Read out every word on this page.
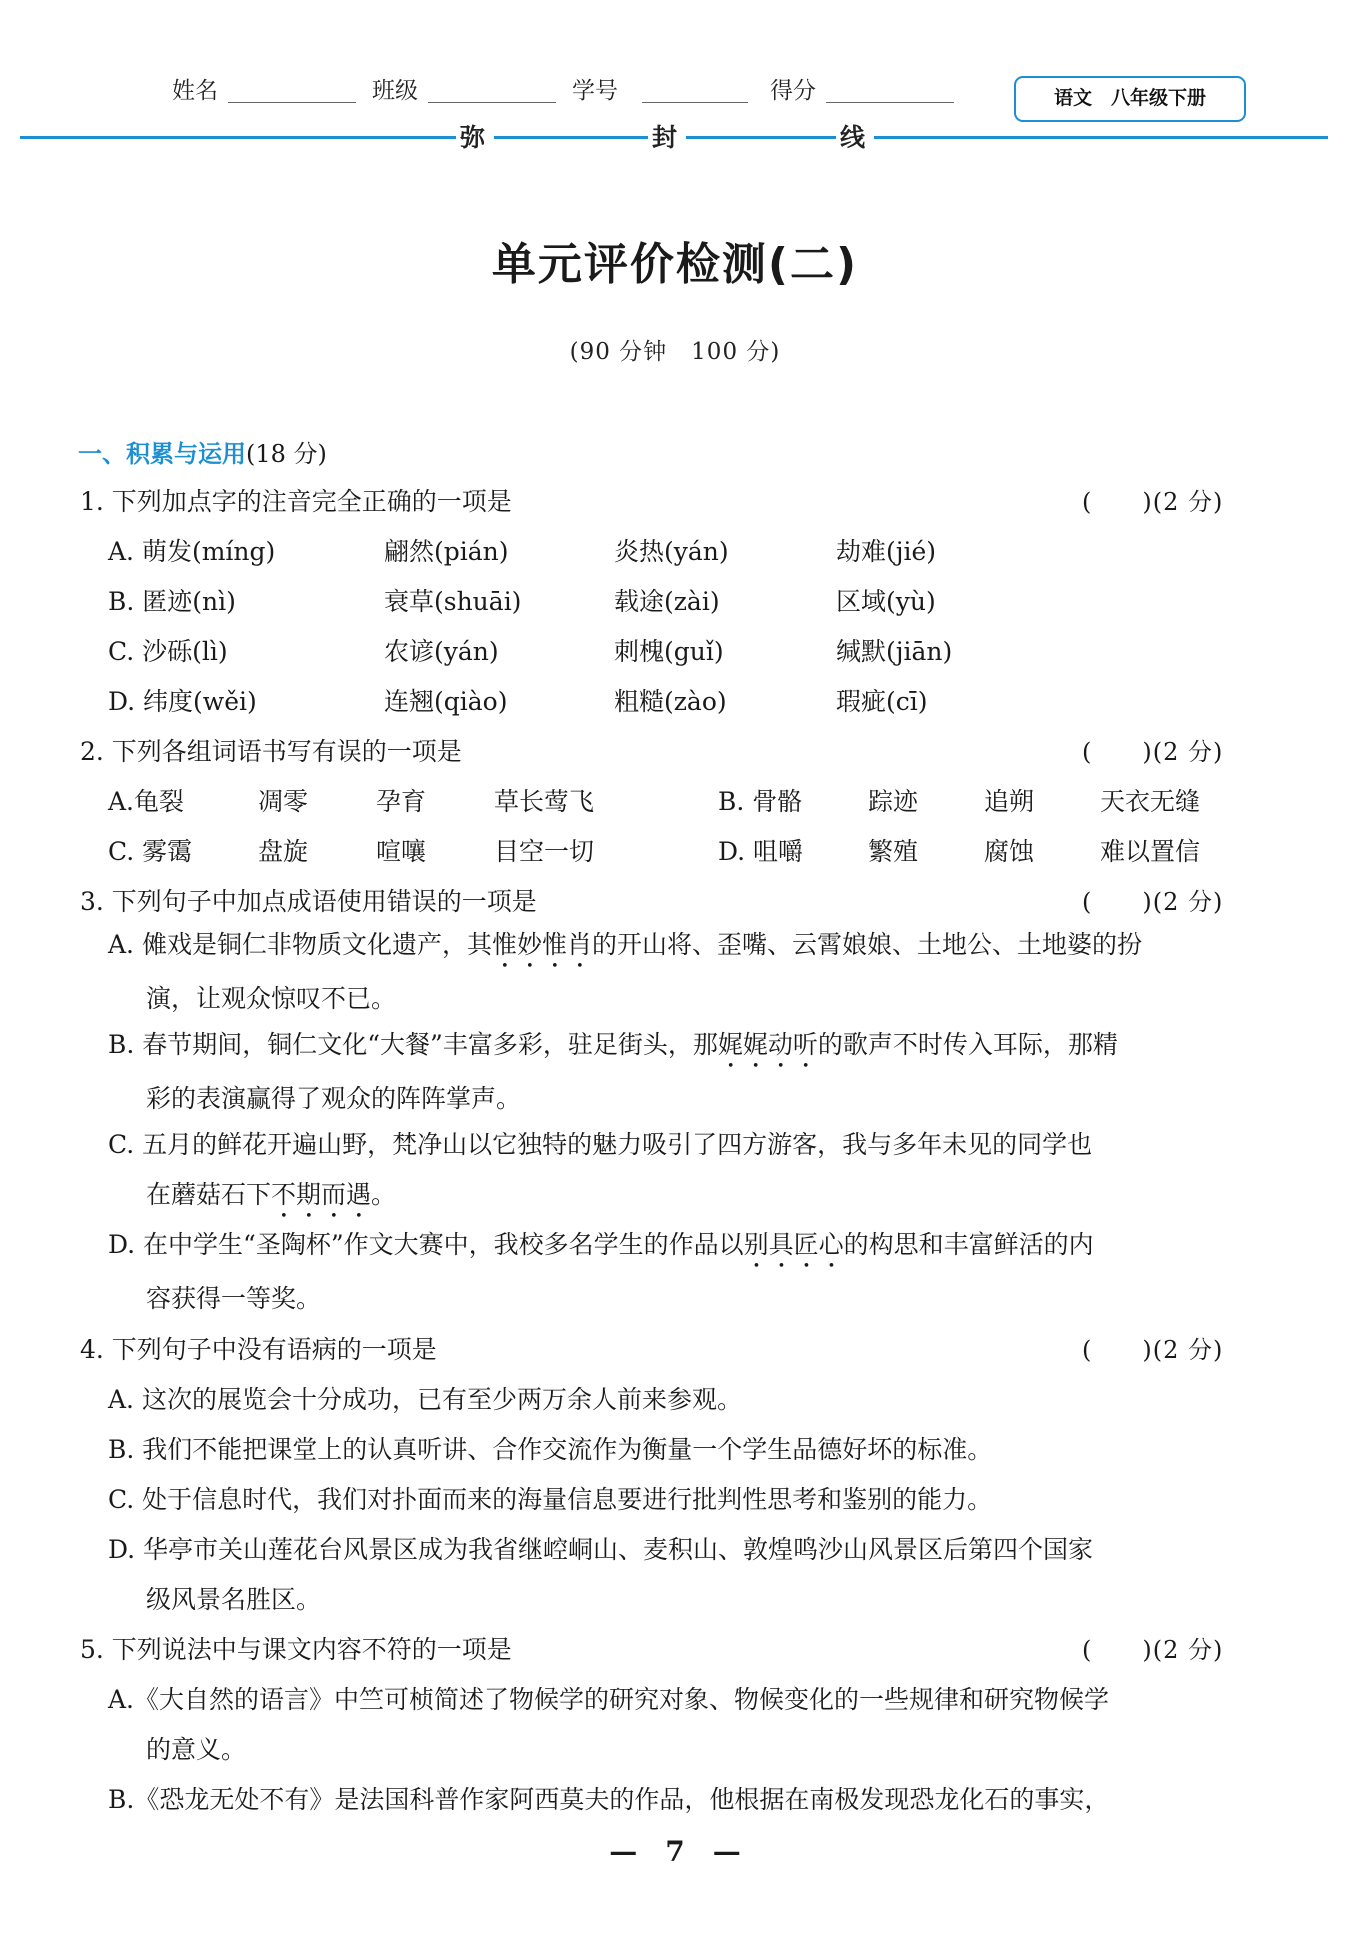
姓名	班级	学号	得分	语文　八年级下册
弥	封	线
单元评价检测(二)
(90 分钟　100 分)
一、积累与运用(18 分)
1. 下列加点字的注音完全正确的一项是	(　　)(2 分)
A. 萌发(míng)	翩然(pián)	炎热(yán)	劫难(jié)
B. 匿迹(nì)	衰草(shuāi)	载途(zài)	区域(yù)
C. 沙砾(lì)	农谚(yán)	刺槐(guǐ)	缄默(jiān)
D. 纬度(wěi)	连翘(qiào)	粗糙(zào)	瑕疵(cī)
2. 下列各组词语书写有误的一项是	(　　)(2 分)
A.龟裂	凋零	孕育	草长莺飞	B. 骨骼	踪迹	追朔	天衣无缝
C. 雾霭	盘旋	喧嚷	目空一切	D. 咀嚼	繁殖	腐蚀	难以置信
3. 下列句子中加点成语使用错误的一项是	(　　)(2 分)
A. 傩戏是铜仁非物质文化遗产，其惟妙惟肖的开山将、歪嘴、云霄娘娘、土地公、土地婆的扮
演，让观众惊叹不已。
B. 春节期间，铜仁文化“大餐”丰富多彩，驻足街头，那娓娓动听的歌声不时传入耳际，那精
彩的表演赢得了观众的阵阵掌声。
C. 五月的鲜花开遍山野，梵净山以它独特的魅力吸引了四方游客，我与多年未见的同学也
在蘑菇石下不期而遇。
D. 在中学生“圣陶杯”作文大赛中，我校多名学生的作品以别具匠心的构思和丰富鲜活的内
容获得一等奖。
4. 下列句子中没有语病的一项是	(　　)(2 分)
A. 这次的展览会十分成功，已有至少两万余人前来参观。
B. 我们不能把课堂上的认真听讲、合作交流作为衡量一个学生品德好坏的标准。
C. 处于信息时代，我们对扑面而来的海量信息要进行批判性思考和鉴别的能力。
D. 华亭市关山莲花台风景区成为我省继崆峒山、麦积山、敦煌鸣沙山风景区后第四个国家
级风景名胜区。
5. 下列说法中与课文内容不符的一项是	(　　)(2 分)
A.《大自然的语言》中竺可桢简述了物候学的研究对象、物候变化的一些规律和研究物候学
的意义。
B.《恐龙无处不有》是法国科普作家阿西莫夫的作品，他根据在南极发现恐龙化石的事实，
—　7　—
